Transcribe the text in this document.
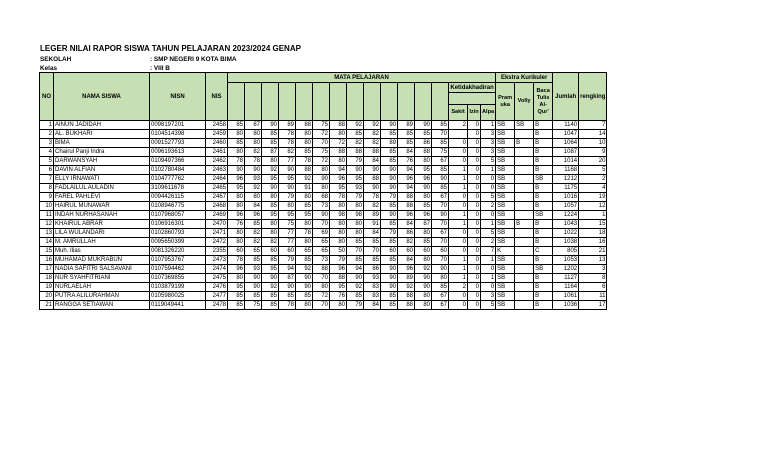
LEGER NILAI RAPOR SISWA TAHUN PELAJARAN 2023/2024 GENAP
SEKOLAH	: SMP NEGERI 9 KOTA BIMA
Kelas	: VIII B
NO	NAMA SISWA	NISN	NIS	MATA PELAJARAN																Ekstra Kurikuler			Jumlah	rengking
																	Ketidakhadiran			Pram uka	Volly	Baca Tulis Al-Qur'		

																	Sakit	Izin	Alpa					
1	AINUN JADIDAH	0098197201	2458	85	87	90	89	88	75	88	92	92	90	89	90	85	2	0	1	SB	SB	B	1140	7
2	AL. BUKHARI	0104514398	2459	80	80	85	78	80	72	80	85	82	85	85	85	70		0	3	SB		B	1047	14
3	BIMA	0091527793	2460	85	80	85	78	80	70	72	82	82	89	85	86	85	0	0	3	SB	B	B	1064	10
4	Chairul Panji Indra	0096193613	2461	80	82	87	82	85	75	88	88	88	85	84	88	75	0	0	3	SB		B	1087	9
5	DARWANSYAH	0109497366	2462	78	78	80	77	78	72	80	79	84	85	76	80	67	0	0	5	SB		B	1014	20
6	DAVIN ALFIAN	0102780484	2463	90	90	92	90	88	80	94	90	90	90	94	95	85	1	0	1	SB		B	1168	5
7	ELLY IRNAWATI	0104777762	2464	96	93	95	95	92	90	96	95	88	90	96	96	90	1	0	0	SB		SB	1212	2
8	FADLAILUL AULADIN	3109611678	2465	95	92	90	90	91	80	95	93	90	90	94	90	85	1	0	0	SB		B	1175	4
9	FAREL PAHLEVI	0094426115	2467	80	80	80	79	80	68	78	79	78	79	88	80	67	0	0	5	SB		B	1016	19
10	HAIRUL MUNAWAR	0108946775	2468	80	84	85	80	85	73	80	80	82	85	88	85	70	0	0	2	SB		B	1057	12
11	INDAH NURHASANAH	0107968057	2469	96	96	95	95	95	90	98	98	89	90	96	96	90	1	0	0	SB		SB	1224	1
12	KHAIRUL ABRAR	0106916301	2470	76	85	80	75	80	70	80	80	91	85	84	87	70	1	0	1	SB	B	B	1043	15
13	LILA WULANDARI	0102860793	2471	80	82	80	77	78	69	80	80	84	79	86	80	67	0	0	5	SB		B	1022	18
14	M. AMRULLAH	0095650399	2472	80	82	82	77	80	65	80	85	85	85	82	85	70	0	0	2	SB		B	1038	16
15	Muh. Ilias	0081326220	2355	60	65	60	60	65	65	50	70	70	60	60	60	60	0	0	7	K		C	805	21
16	MUHAMAD MUKRABUN	0107953767	2473	78	85	85	79	85	73	79	85	85	85	84	80	70	1	0	1	SB		B	1053	13
17	NADIA SAFITRI SALSAVANI	0107594462	2474	96	93	95	94	92	88	96	94	86	90	96	92	90	1	0	0	SB		SB	1202	3
18	NUR SYAHFITRIANI	0107369855	2475	80	90	90	87	90	70	88	90	93	90	89	90	80	1	0	1	SB		B	1127	8
19	NURLAELAH	0103879199	2476	95	90	92	90	90	80	95	92	83	90	92	90	85	2	0	0	SB		B	1164	6
20	PUTRA ALILURAHMAN	0105980025	2477	85	85	85	85	85	72	76	85	83	85	88	80	67	0	0	3	SB		B	1061	11
21	RANGGA SETIAWAN	0119049441	2478	85	75	85	78	80	70	80	79	84	85	88	80	67	0	0	5	SB		B	1036	17
